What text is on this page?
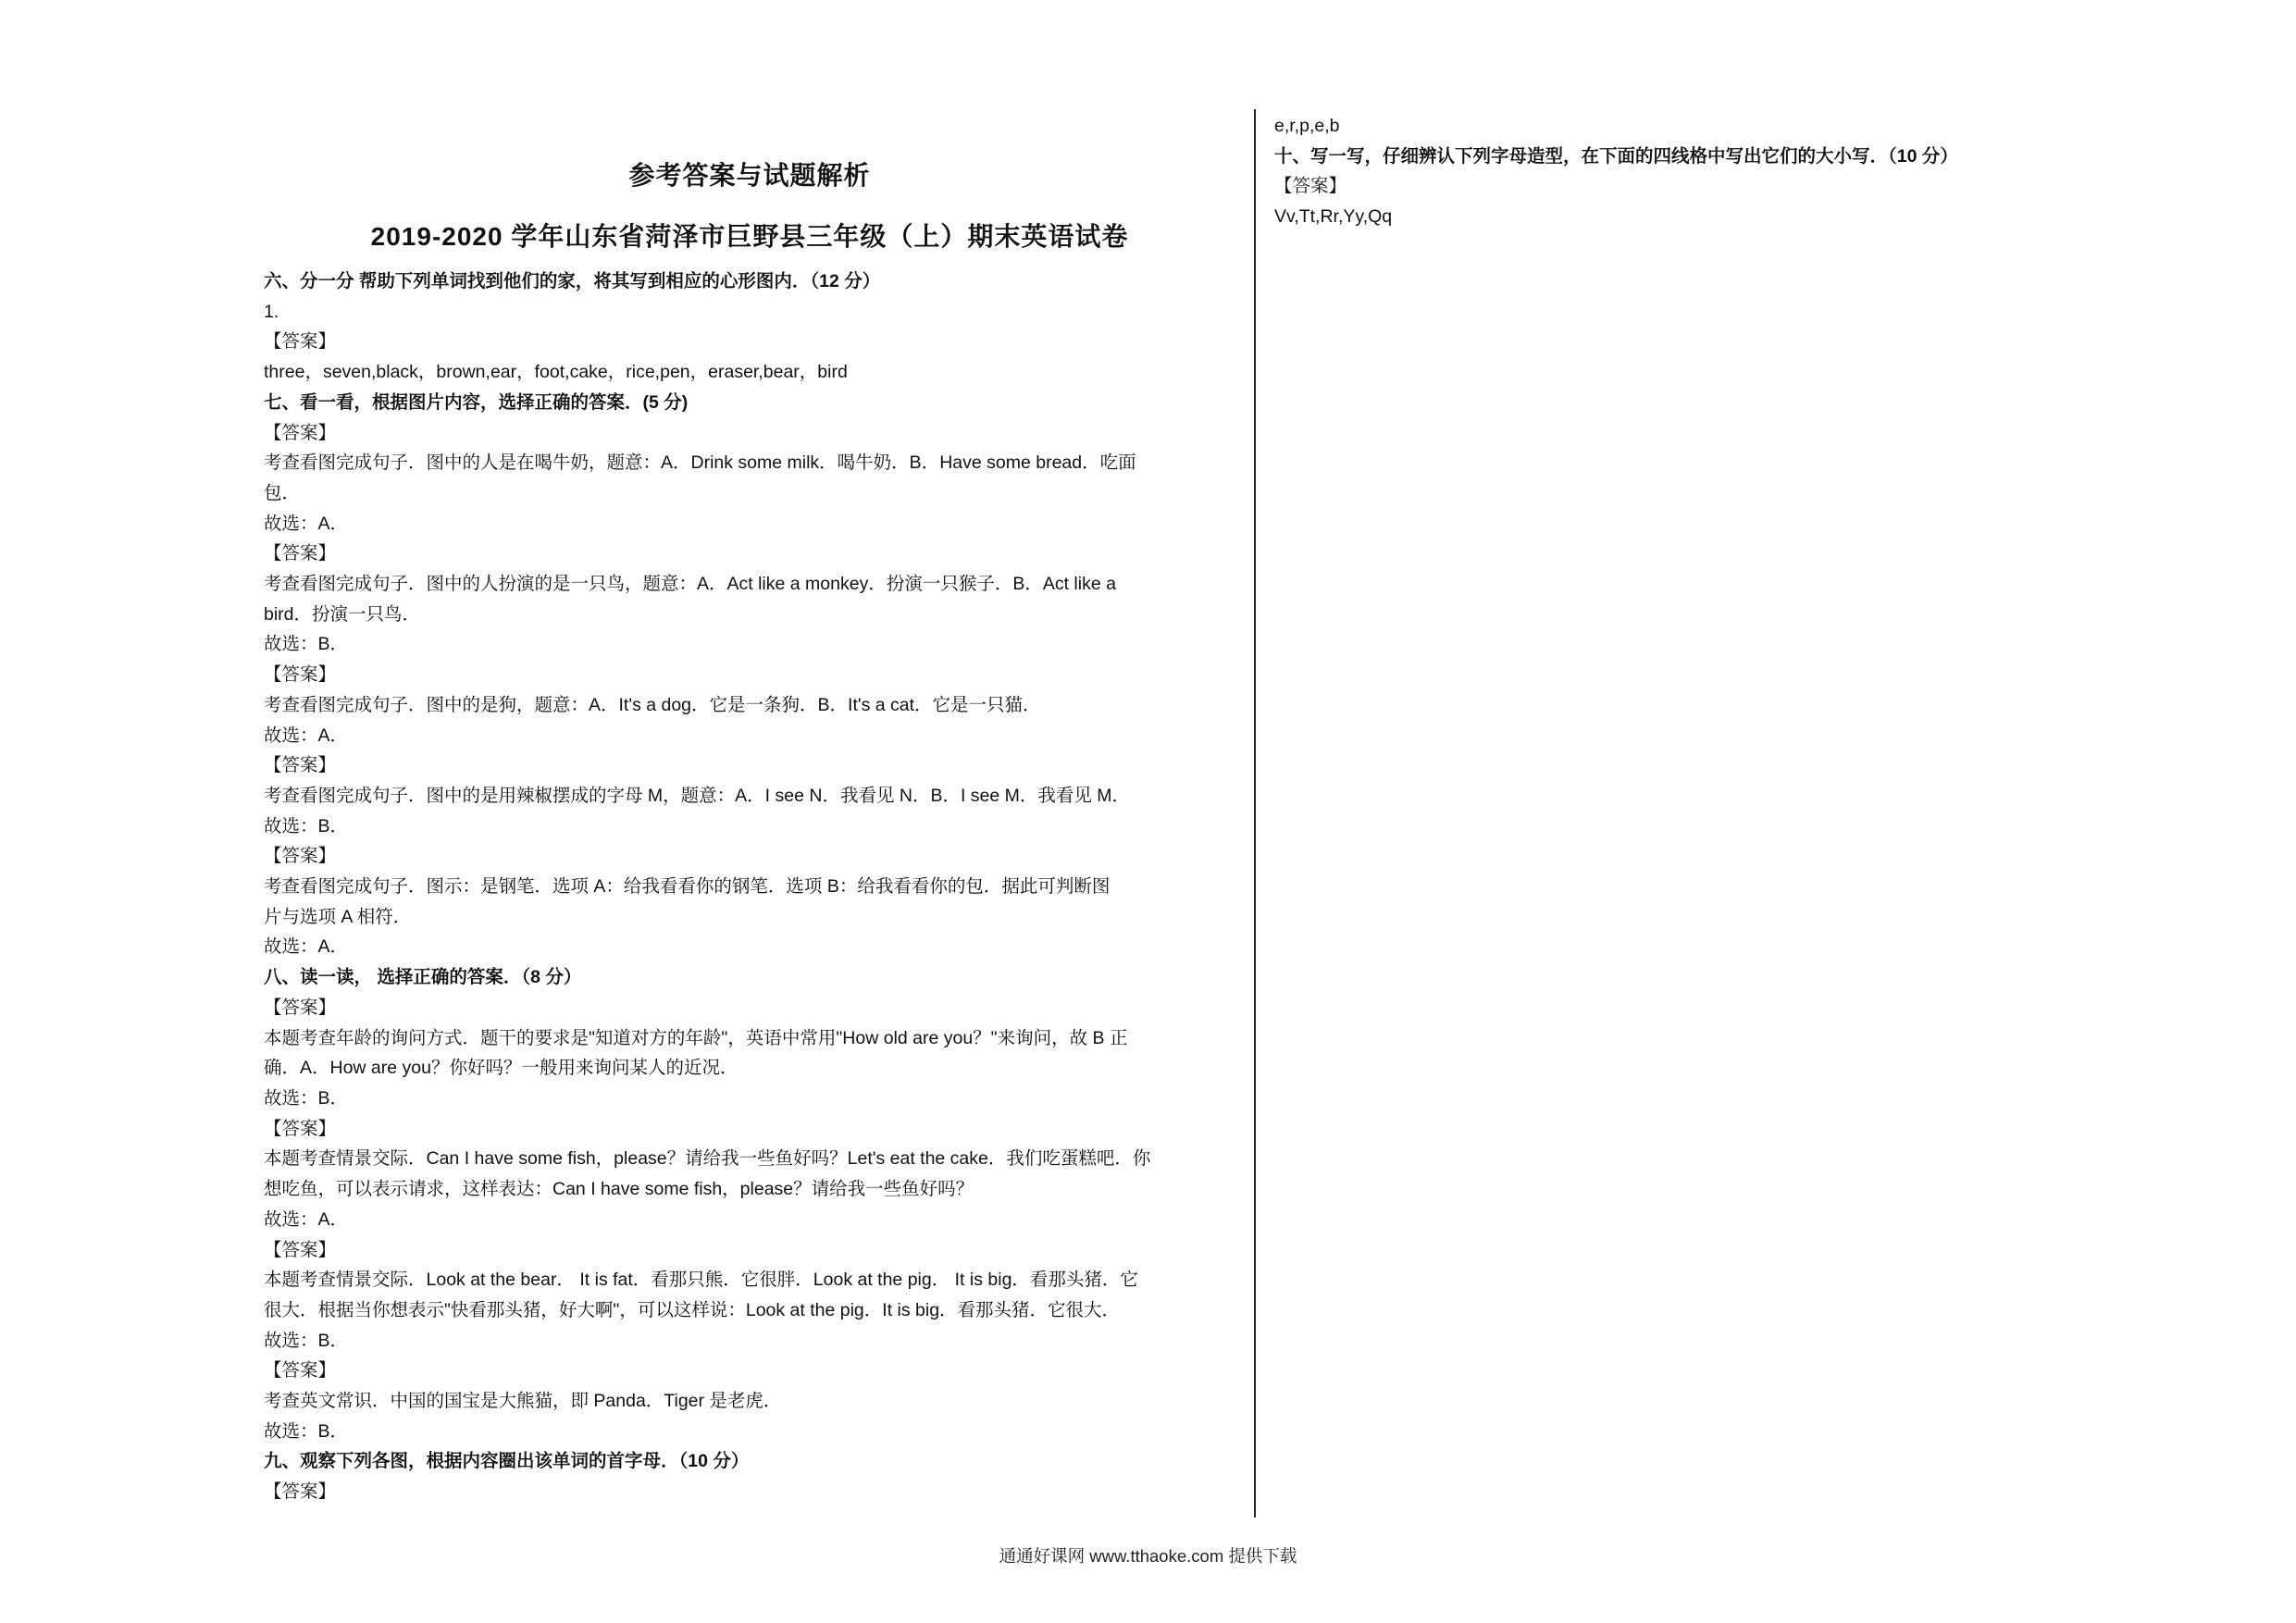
参考答案与试题解析
2019-2020 学年山东省菏泽市巨野县三年级（上）期末英语试卷
六、分一分 帮助下列单词找到他们的家，将其写到相应的心形图内．（12 分）
1.
【答案】
three，seven,black，brown,ear，foot,cake，rice,pen，eraser,bear，bird
七、看一看，根据图片内容，选择正确的答案．(5 分)
【答案】
考查看图完成句子．图中的人是在喝牛奶，题意：A．Drink some milk．喝牛奶．B．Have some bread．吃面
包．
故选：A．
【答案】
考查看图完成句子．图中的人扮演的是一只鸟，题意：A．Act like a monkey．扮演一只猴子．B．Act like a
bird．扮演一只鸟．
故选：B．
【答案】
考查看图完成句子．图中的是狗，题意：A．It's a dog．它是一条狗．B．It's a cat．它是一只猫．
故选：A．
【答案】
考查看图完成句子．图中的是用辣椒摆成的字母 M，题意：A．I see N．我看见 N．B．I see M．我看见 M．
故选：B．
【答案】
考查看图完成句子．图示：是钢笔．选项 A：给我看看你的钢笔．选项 B：给我看看你的包．据此可判断图
片与选项 A 相符．
故选：A．
八、读一读， 选择正确的答案．（8 分）
【答案】
本题考查年龄的询问方式．题干的要求是"知道对方的年龄"，英语中常用"How old are you？"来询问，故 B 正
确．A．How are you？你好吗？一般用来询问某人的近况．
故选：B．
【答案】
本题考查情景交际．Can I have some fish，please？请给我一些鱼好吗？Let's eat the cake．我们吃蛋糕吧．你
想吃鱼，可以表示请求，这样表达：Can I have some fish，please？请给我一些鱼好吗？
故选：A．
【答案】
本题考查情景交际．Look at the bear． It is fat．看那只熊．它很胖．Look at the pig． It is big．看那头猪．它
很大．根据当你想表示"快看那头猪，好大啊"，可以这样说：Look at the pig．It is big．看那头猪．它很大．
故选：B．
【答案】
考查英文常识．中国的国宝是大熊猫，即 Panda．Tiger 是老虎．
故选：B．
九、观察下列各图，根据内容圈出该单词的首字母．（10 分）
【答案】
e,r,p,e,b
十、写一写，仔细辨认下列字母造型，在下面的四线格中写出它们的大小写．（10 分）
【答案】
Vv,Tt,Rr,Yy,Qq
通通好课网 www.tthaoke.com 提供下载
